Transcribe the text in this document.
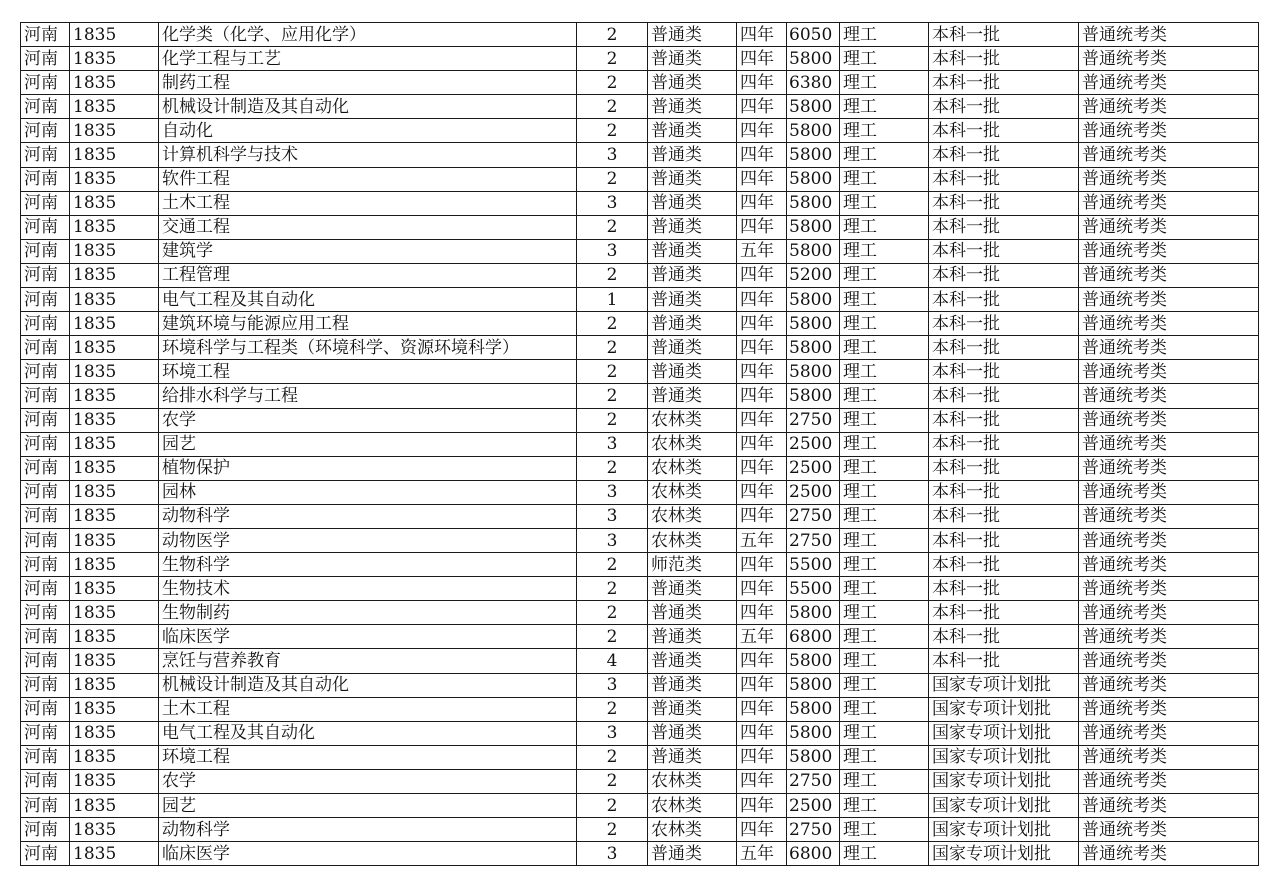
河南	1835	化学类（化学、应用化学）	2	普通类	四年	6050	理工	本科一批	普通统考类
河南	1835	化学工程与工艺	2	普通类	四年	5800	理工	本科一批	普通统考类
河南	1835	制药工程	2	普通类	四年	6380	理工	本科一批	普通统考类
河南	1835	机械设计制造及其自动化	2	普通类	四年	5800	理工	本科一批	普通统考类
河南	1835	自动化	2	普通类	四年	5800	理工	本科一批	普通统考类
河南	1835	计算机科学与技术	3	普通类	四年	5800	理工	本科一批	普通统考类
河南	1835	软件工程	2	普通类	四年	5800	理工	本科一批	普通统考类
河南	1835	土木工程	3	普通类	四年	5800	理工	本科一批	普通统考类
河南	1835	交通工程	2	普通类	四年	5800	理工	本科一批	普通统考类
河南	1835	建筑学	3	普通类	五年	5800	理工	本科一批	普通统考类
河南	1835	工程管理	2	普通类	四年	5200	理工	本科一批	普通统考类
河南	1835	电气工程及其自动化	1	普通类	四年	5800	理工	本科一批	普通统考类
河南	1835	建筑环境与能源应用工程	2	普通类	四年	5800	理工	本科一批	普通统考类
河南	1835	环境科学与工程类（环境科学、资源环境科学）	2	普通类	四年	5800	理工	本科一批	普通统考类
河南	1835	环境工程	2	普通类	四年	5800	理工	本科一批	普通统考类
河南	1835	给排水科学与工程	2	普通类	四年	5800	理工	本科一批	普通统考类
河南	1835	农学	2	农林类	四年	2750	理工	本科一批	普通统考类
河南	1835	园艺	3	农林类	四年	2500	理工	本科一批	普通统考类
河南	1835	植物保护	2	农林类	四年	2500	理工	本科一批	普通统考类
河南	1835	园林	3	农林类	四年	2500	理工	本科一批	普通统考类
河南	1835	动物科学	3	农林类	四年	2750	理工	本科一批	普通统考类
河南	1835	动物医学	3	农林类	五年	2750	理工	本科一批	普通统考类
河南	1835	生物科学	2	师范类	四年	5500	理工	本科一批	普通统考类
河南	1835	生物技术	2	普通类	四年	5500	理工	本科一批	普通统考类
河南	1835	生物制药	2	普通类	四年	5800	理工	本科一批	普通统考类
河南	1835	临床医学	2	普通类	五年	6800	理工	本科一批	普通统考类
河南	1835	烹饪与营养教育	4	普通类	四年	5800	理工	本科一批	普通统考类
河南	1835	机械设计制造及其自动化	3	普通类	四年	5800	理工	国家专项计划批	普通统考类
河南	1835	土木工程	2	普通类	四年	5800	理工	国家专项计划批	普通统考类
河南	1835	电气工程及其自动化	3	普通类	四年	5800	理工	国家专项计划批	普通统考类
河南	1835	环境工程	2	普通类	四年	5800	理工	国家专项计划批	普通统考类
河南	1835	农学	2	农林类	四年	2750	理工	国家专项计划批	普通统考类
河南	1835	园艺	2	农林类	四年	2500	理工	国家专项计划批	普通统考类
河南	1835	动物科学	2	农林类	四年	2750	理工	国家专项计划批	普通统考类
河南	1835	临床医学	3	普通类	五年	6800	理工	国家专项计划批	普通统考类
